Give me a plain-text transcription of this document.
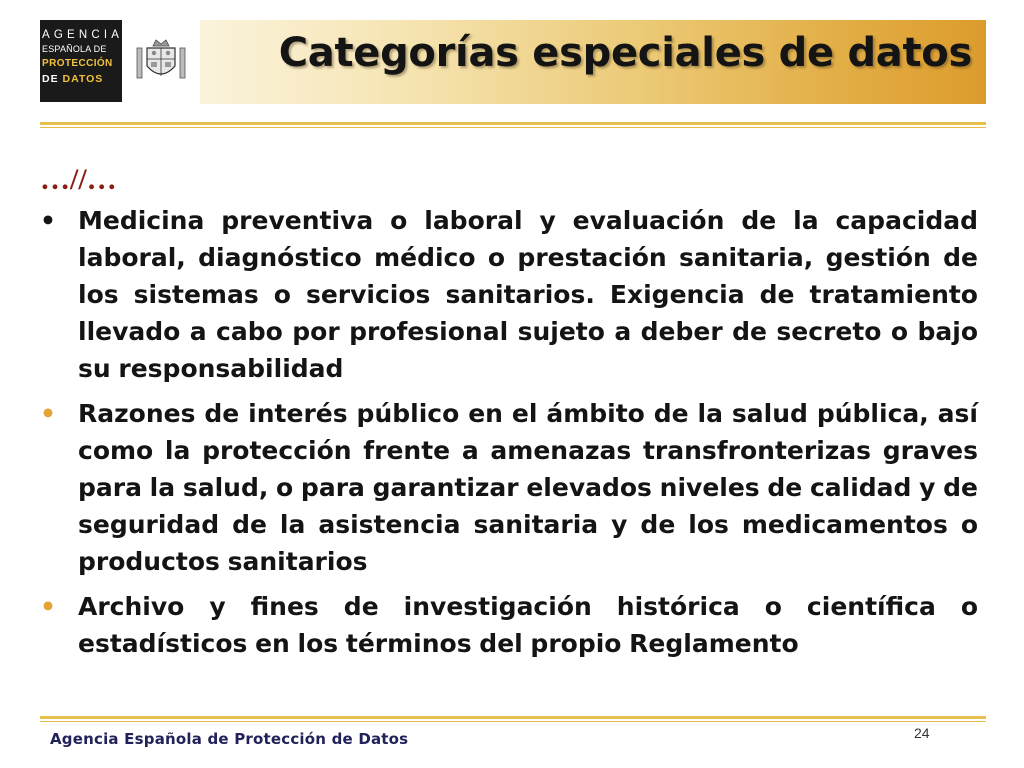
AGENCIA
ESPAÑOLA DE
PROTECCIÓN
DE DATOS
Categorías especiales de datos

…//…

• Medicina preventiva o laboral y evaluación de la capacidad laboral, diagnóstico médico o prestación sanitaria, gestión de los sistemas o servicios sanitarios. Exigencia de tratamiento llevado a cabo por profesional sujeto a deber de secreto o bajo su responsabilidad
• Razones de interés público en el ámbito de la salud pública, así como la protección frente a amenazas transfronterizas graves para la salud, o para garantizar elevados niveles de calidad y de seguridad de la asistencia sanitaria y de los medicamentos o productos sanitarios
• Archivo y fines de investigación histórica o científica o estadísticos en los términos del propio Reglamento

Agencia Española de Protección de Datos	24
